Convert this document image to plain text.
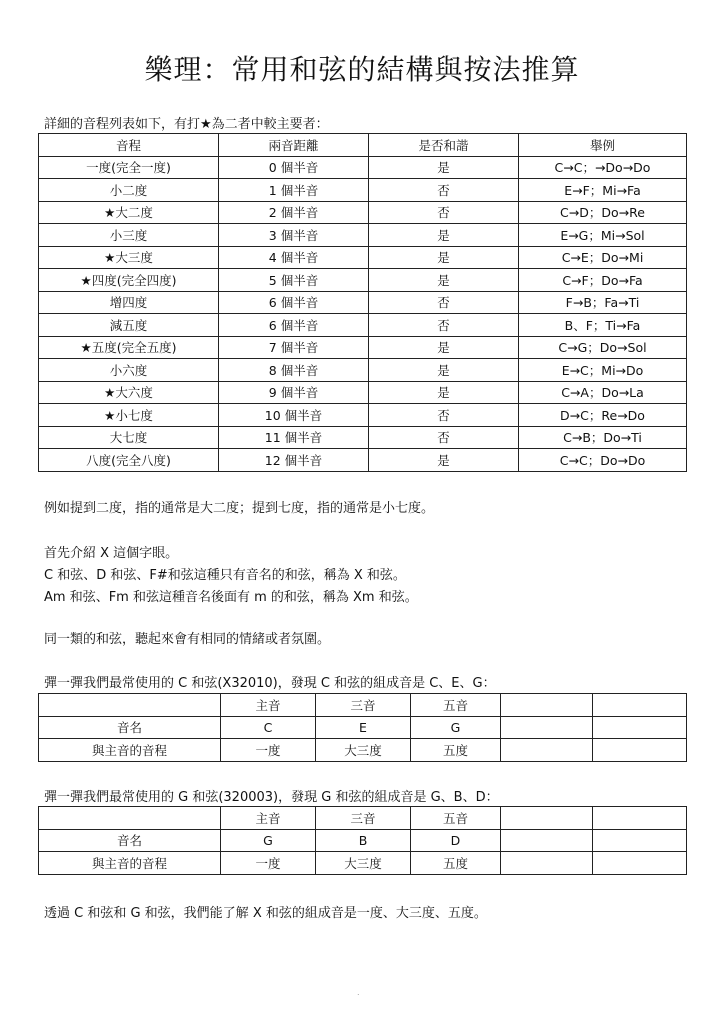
樂理：常用和弦的結構與按法推算
詳細的音程列表如下，有打★為二者中較主要者：
音程	兩音距離	是否和諧	舉例
一度(完全一度)	0 個半音	是	C→C；→Do→Do
小二度	1 個半音	否	E→F；Mi→Fa
★大二度	2 個半音	否	C→D；Do→Re
小三度	3 個半音	是	E→G；Mi→Sol
★大三度	4 個半音	是	C→E；Do→Mi
★四度(完全四度)	5 個半音	是	C→F；Do→Fa
增四度	6 個半音	否	F→B；Fa→Ti
減五度	6 個半音	否	B、F；Ti→Fa
★五度(完全五度)	7 個半音	是	C→G；Do→Sol
小六度	8 個半音	是	E→C；Mi→Do
★大六度	9 個半音	是	C→A；Do→La
★小七度	10 個半音	否	D→C；Re→Do
大七度	11 個半音	否	C→B；Do→Ti
八度(完全八度)	12 個半音	是	C→C；Do→Do
例如提到二度，指的通常是大二度；提到七度，指的通常是小七度。
首先介紹 X 這個字眼。
C 和弦、D 和弦、F#和弦這種只有音名的和弦，稱為 X 和弦。
Am 和弦、Fm 和弦這種音名後面有 m 的和弦，稱為 Xm 和弦。
同一類的和弦，聽起來會有相同的情緒或者氛圍。
彈一彈我們最常使用的 C 和弦(X32010)，發現 C 和弦的組成音是 C、E、G：
	主音	三音	五音		
音名	C	E	G		
與主音的音程	一度	大三度	五度		
彈一彈我們最常使用的 G 和弦(320003)，發現 G 和弦的組成音是 G、B、D：
	主音	三音	五音		
音名	G	B	D		
與主音的音程	一度	大三度	五度		
透過 C 和弦和 G 和弦，我們能了解 X 和弦的組成音是一度、大三度、五度。
.
